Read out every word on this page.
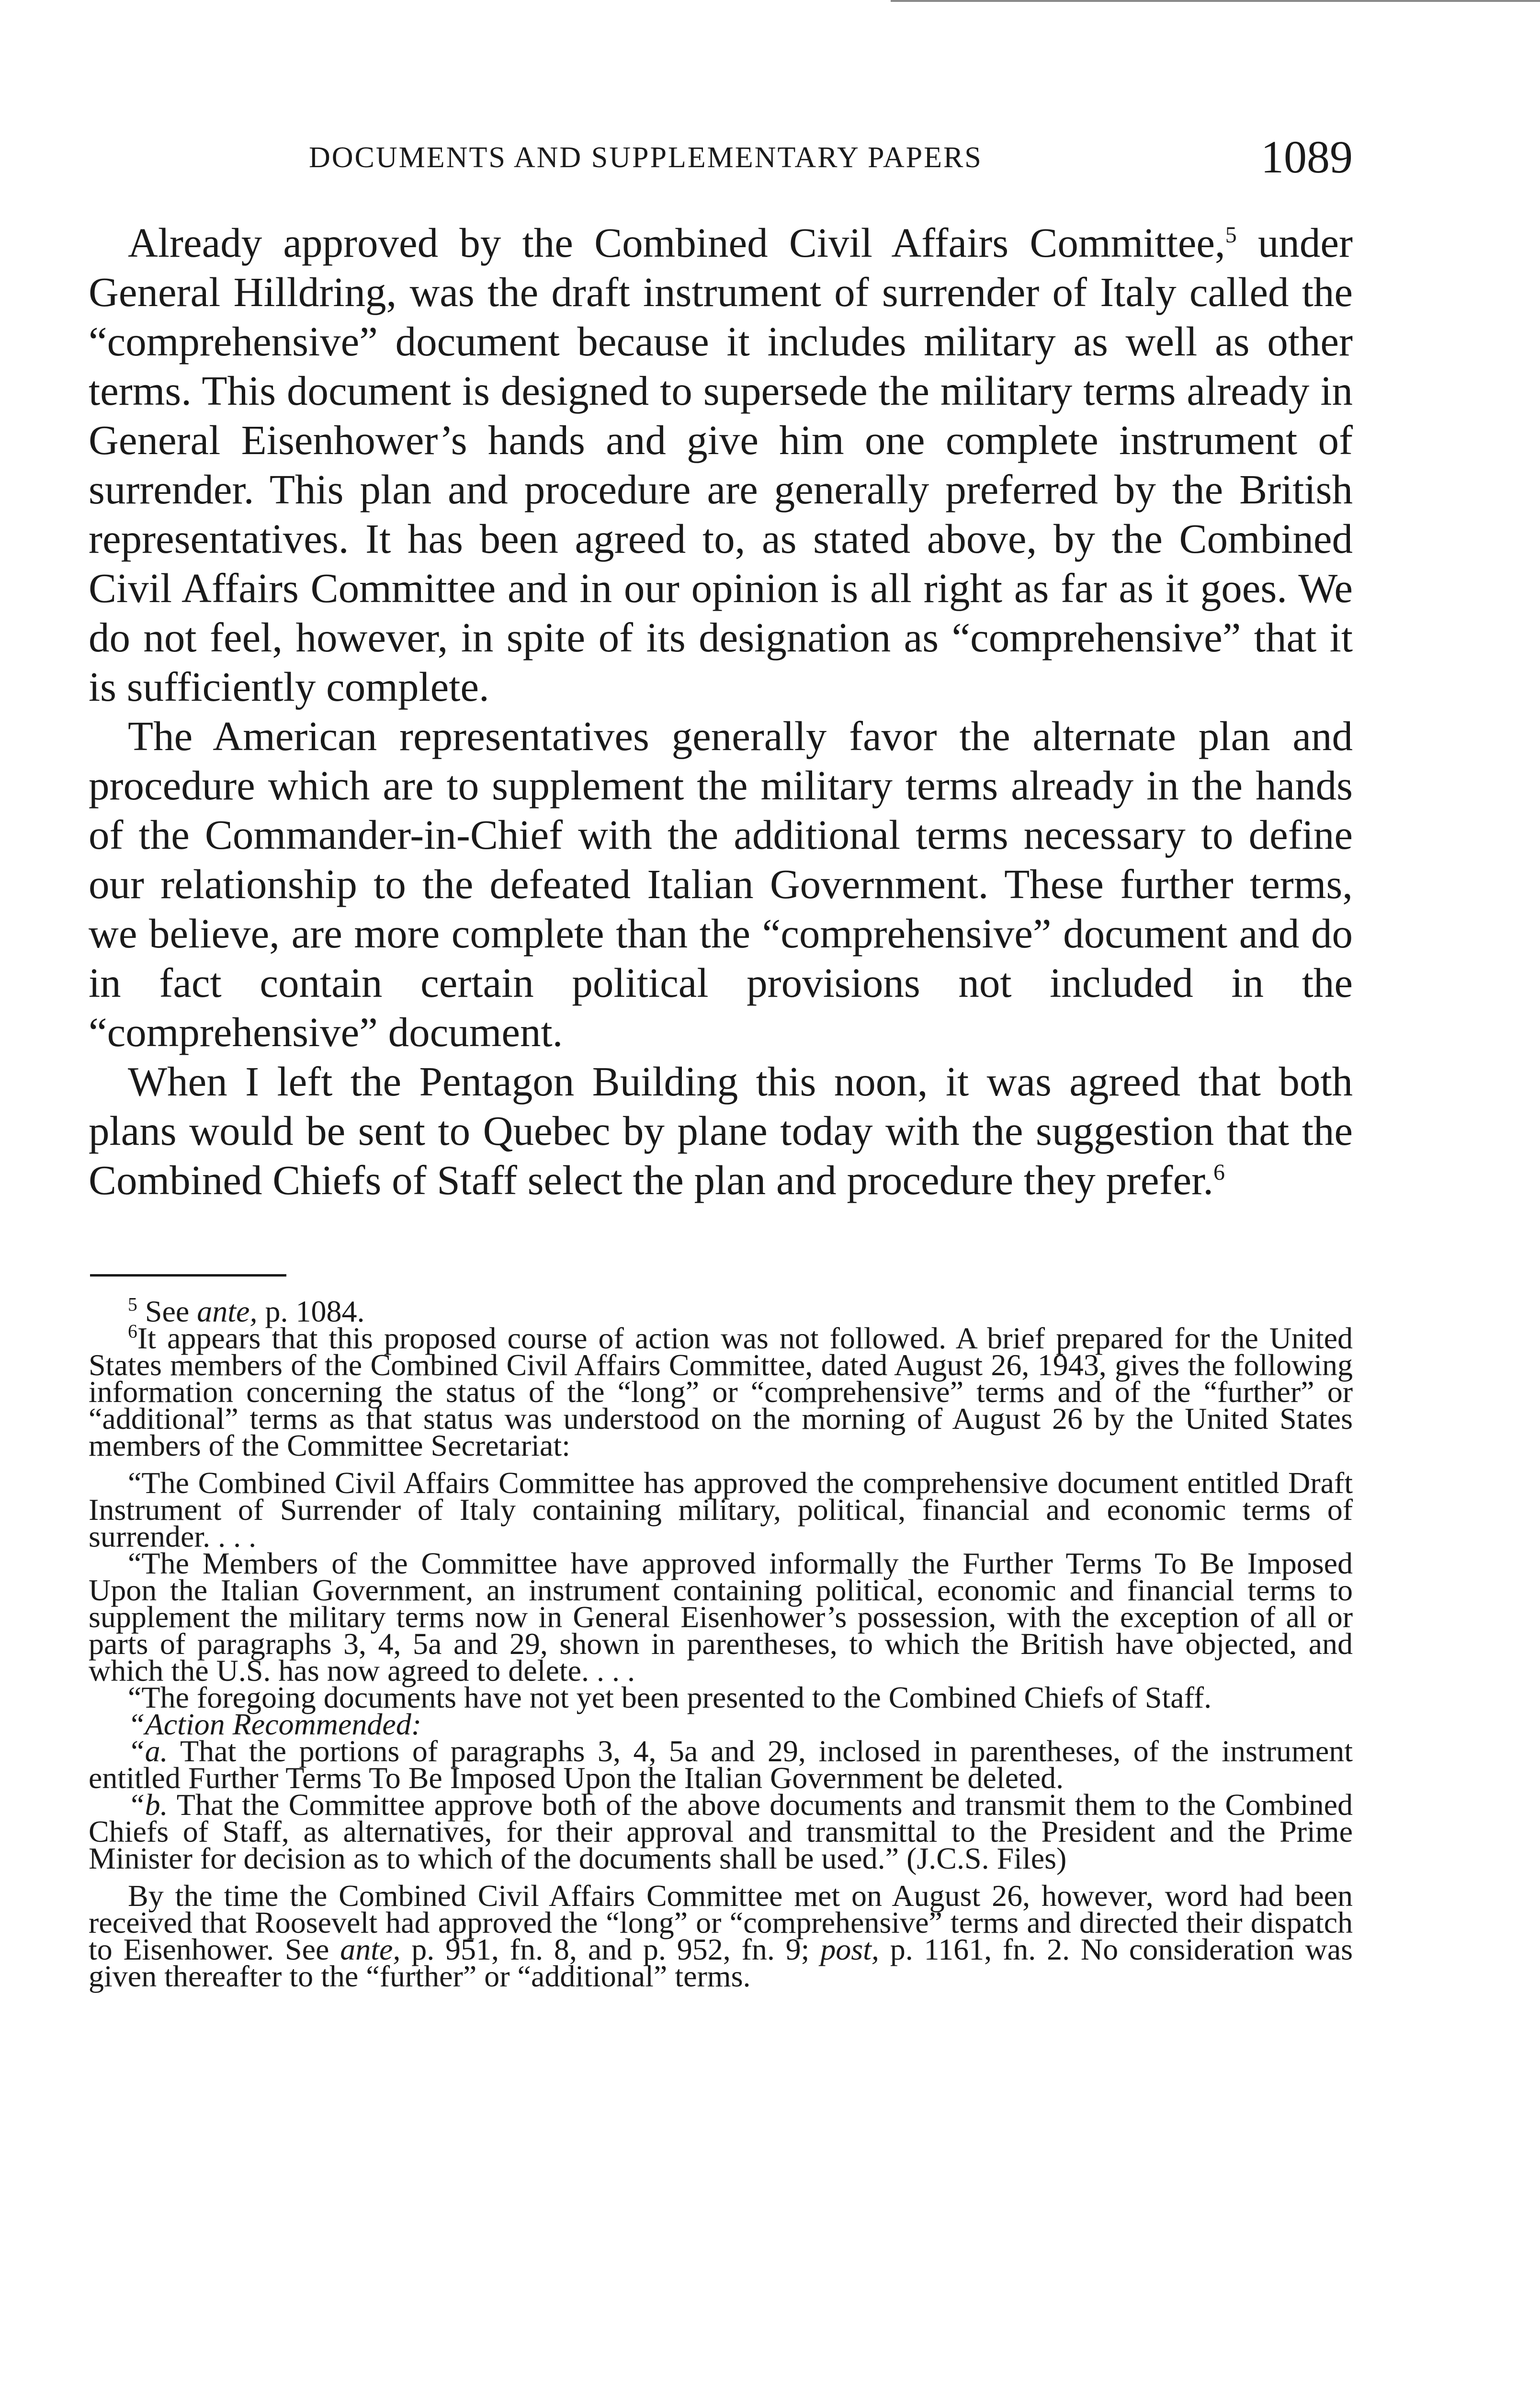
DOCUMENTS AND SUPPLEMENTARY PAPERS	1089

Already approved by the Combined Civil Affairs Committee,$^5$ under General Hilldring, was the draft instrument of surrender of Italy called the “comprehensive” document because it includes military as well as other terms. This document is designed to supersede the military terms already in General Eisenhower’s hands and give him one complete instrument of surrender. This plan and procedure are generally preferred by the British representatives. It has been agreed to, as stated above, by the Combined Civil Affairs Committee and in our opinion is all right as far as it goes. We do not feel, however, in spite of its designation as “comprehensive” that it is sufficiently complete.

The American representatives generally favor the alternate plan and procedure which are to supplement the military terms already in the hands of the Commander-in-Chief with the additional terms necessary to define our relationship to the defeated Italian Government. These further terms, we believe, are more complete than the “comprehensive” document and do in fact contain certain political provisions not included in the “comprehensive” document.

When I left the Pentagon Building this noon, it was agreed that both plans would be sent to Quebec by plane today with the suggestion that the Combined Chiefs of Staff select the plan and procedure they prefer.$^6$

$^5$ See ante, p. 1084.

$^6$It appears that this proposed course of action was not followed. A brief prepared for the United States members of the Combined Civil Affairs Committee, dated August 26, 1943, gives the following information concerning the status of the “long” or “comprehensive” terms and of the “further” or “additional” terms as that status was understood on the morning of August 26 by the United States members of the Committee Secretariat:

“The Combined Civil Affairs Committee has approved the comprehensive document entitled Draft Instrument of Surrender of Italy containing military, political, financial and economic terms of surrender. . . .

“The Members of the Committee have approved informally the Further Terms To Be Imposed Upon the Italian Government, an instrument containing political, economic and financial terms to supplement the military terms now in General Eisenhower’s possession, with the exception of all or parts of paragraphs 3, 4, 5a and 29, shown in parentheses, to which the British have objected, and which the U.S. has now agreed to delete. . . .

“The foregoing documents have not yet been presented to the Combined Chiefs of Staff.

“Action Recommended:

“a. That the portions of paragraphs 3, 4, 5a and 29, inclosed in parentheses, of the instrument entitled Further Terms To Be Imposed Upon the Italian Government be deleted.

“b. That the Committee approve both of the above documents and transmit them to the Combined Chiefs of Staff, as alternatives, for their approval and transmittal to the President and the Prime Minister for decision as to which of the documents shall be used.” (J.C.S. Files)

By the time the Combined Civil Affairs Committee met on August 26, however, word had been received that Roosevelt had approved the “long” or “comprehensive” terms and directed their dispatch to Eisenhower. See ante, p. 951, fn. 8, and p. 952, fn. 9; post, p. 1161, fn. 2. No consideration was given thereafter to the “further” or “additional” terms.
